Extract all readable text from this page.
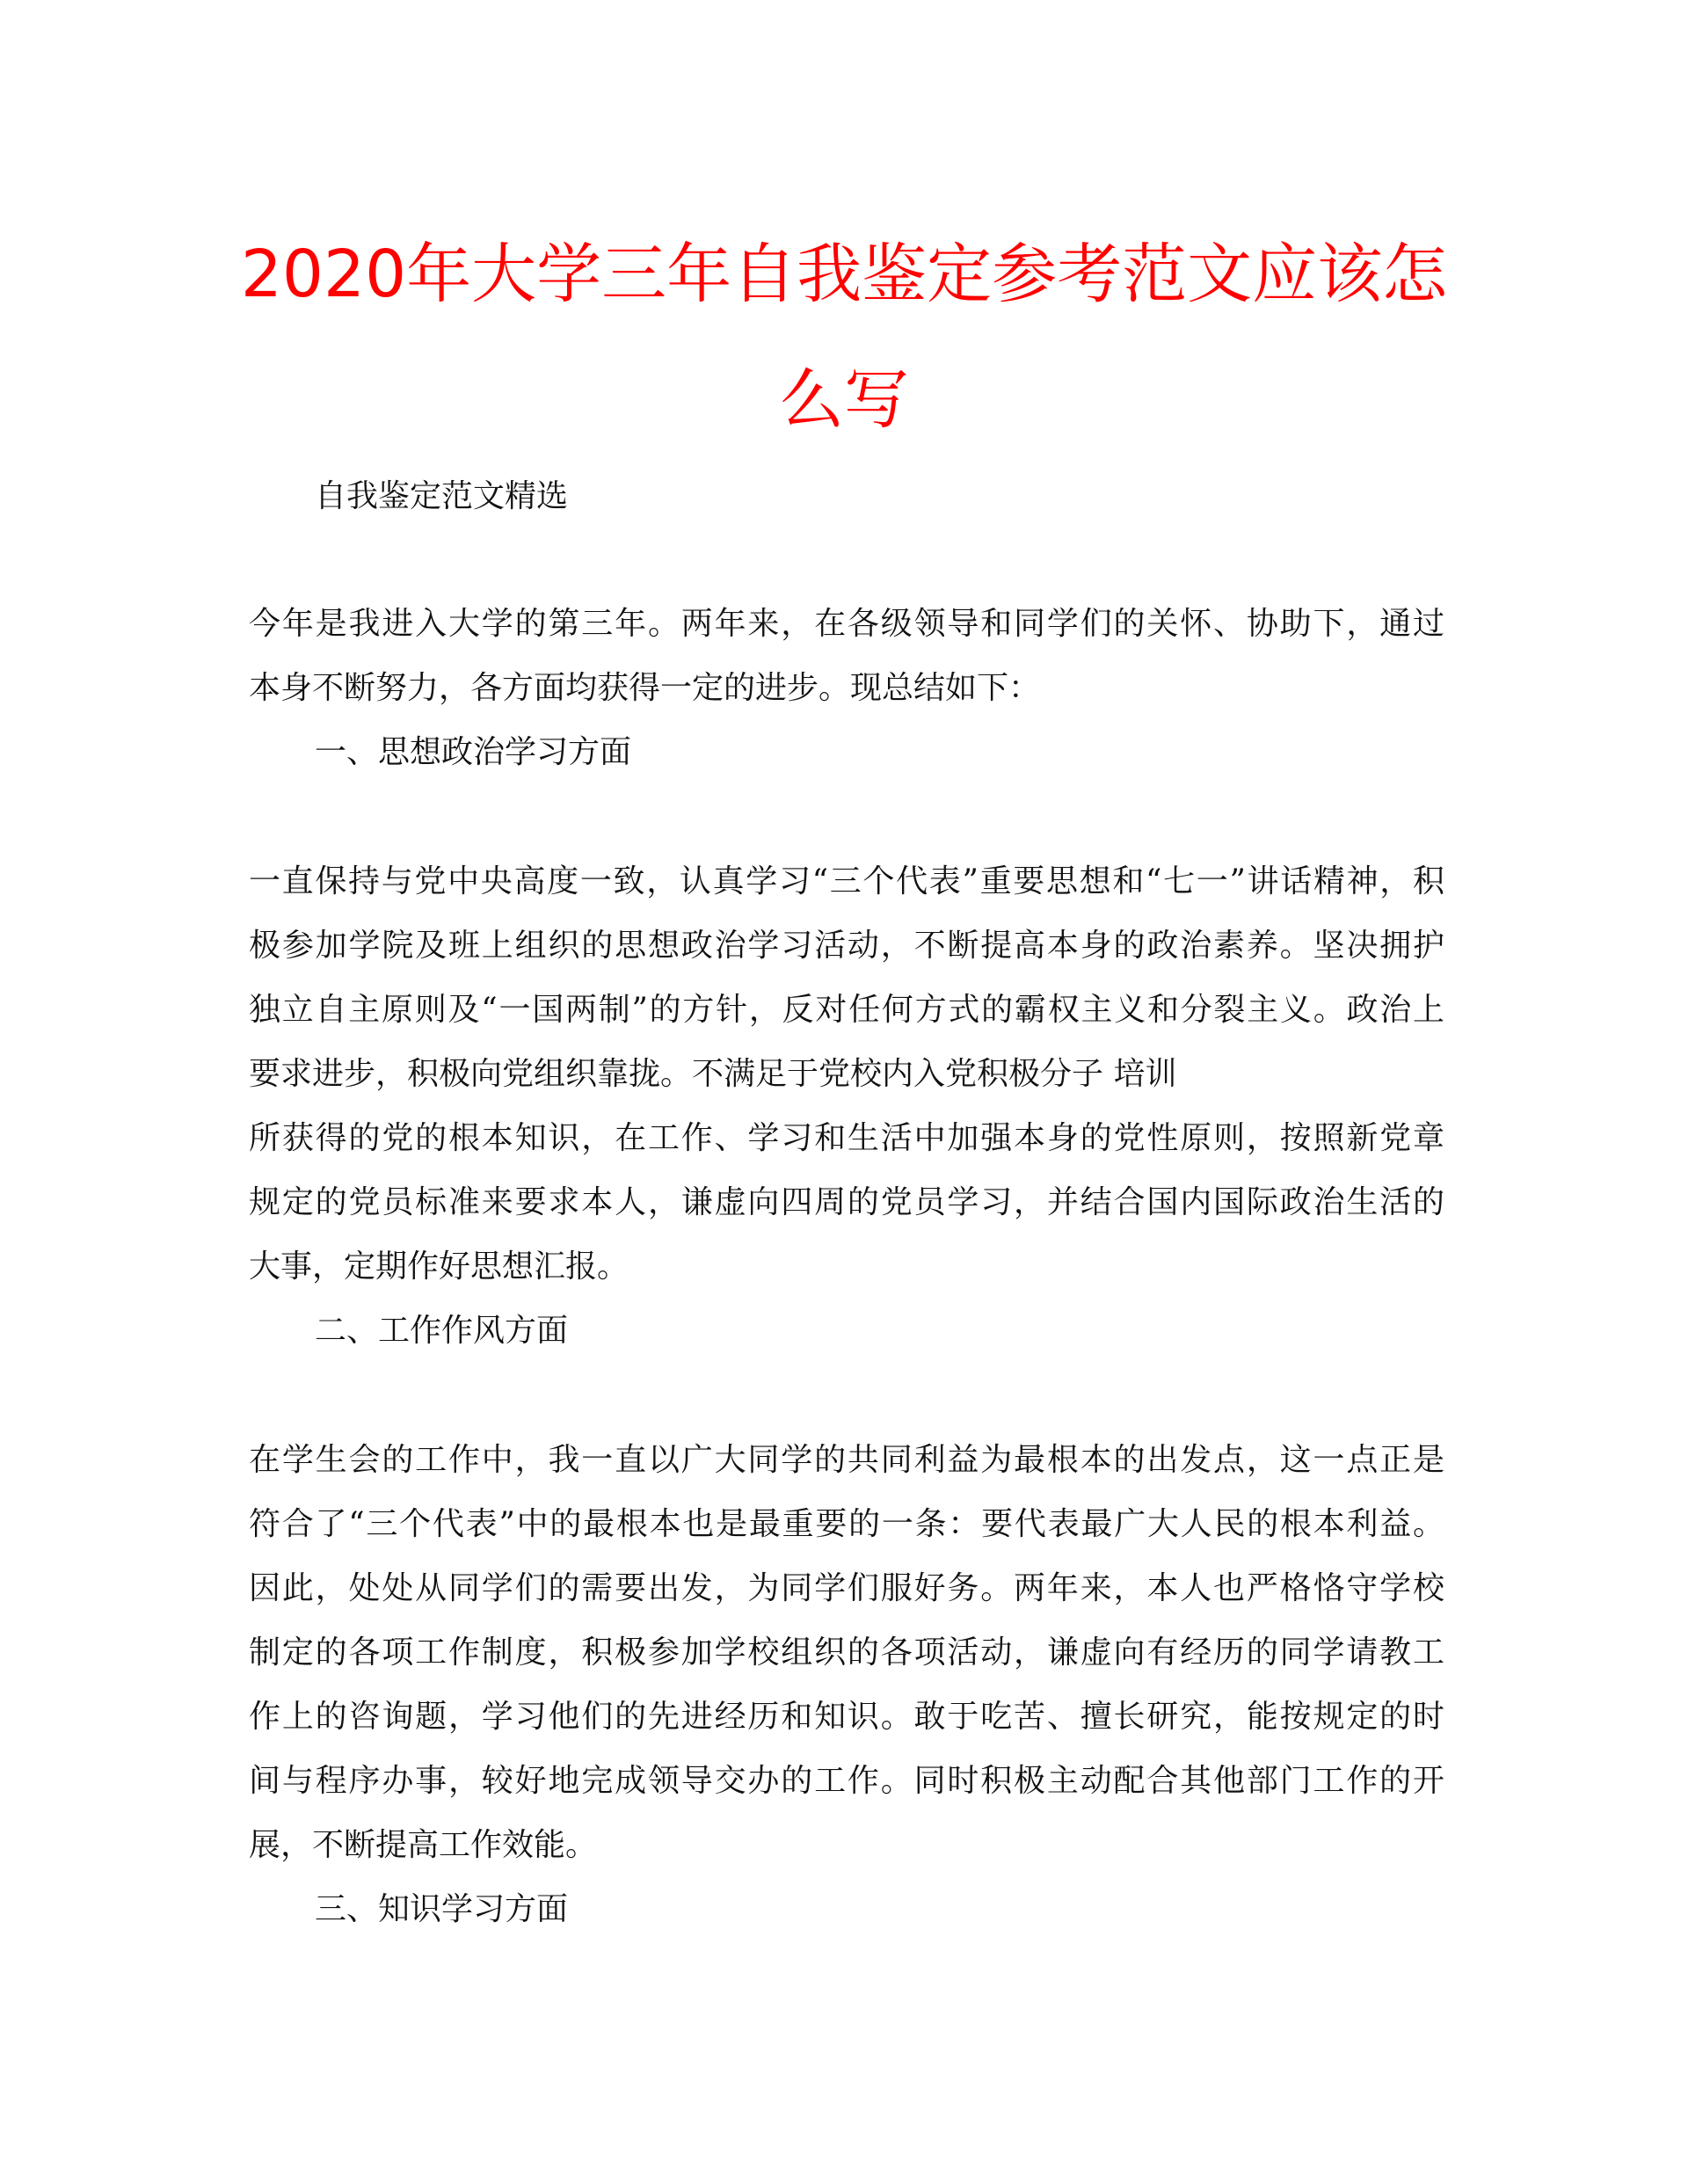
2020年大学三年自我鉴定参考范文应该怎
么写

自我鉴定范文精选

今年是我进入大学的第三年。两年来，在各级领导和同学们的关怀、协助下，通过

本身不断努力，各方面均获得一定的进步。现总结如下：

一、思想政治学习方面

一直保持与党中央高度一致，认真学习“三个代表”重要思想和“七一”讲话精神，积

极参加学院及班上组织的思想政治学习活动，不断提高本身的政治素养。坚决拥护

独立自主原则及“一国两制”的方针，反对任何方式的霸权主义和分裂主义。政治上

要求进步，积极向党组织靠拢。不满足于党校内入党积极分子 培训

所获得的党的根本知识，在工作、学习和生活中加强本身的党性原则，按照新党章

规定的党员标准来要求本人，谦虚向四周的党员学习，并结合国内国际政治生活的

大事，定期作好思想汇报。

二、工作作风方面

在学生会的工作中，我一直以广大同学的共同利益为最根本的出发点，这一点正是

符合了“三个代表”中的最根本也是最重要的一条：要代表最广大人民的根本利益。

因此，处处从同学们的需要出发，为同学们服好务。两年来，本人也严格恪守学校

制定的各项工作制度，积极参加学校组织的各项活动，谦虚向有经历的同学请教工

作上的咨询题，学习他们的先进经历和知识。敢于吃苦、擅长研究，能按规定的时

间与程序办事，较好地完成领导交办的工作。同时积极主动配合其他部门工作的开

展，不断提高工作效能。

三、知识学习方面
